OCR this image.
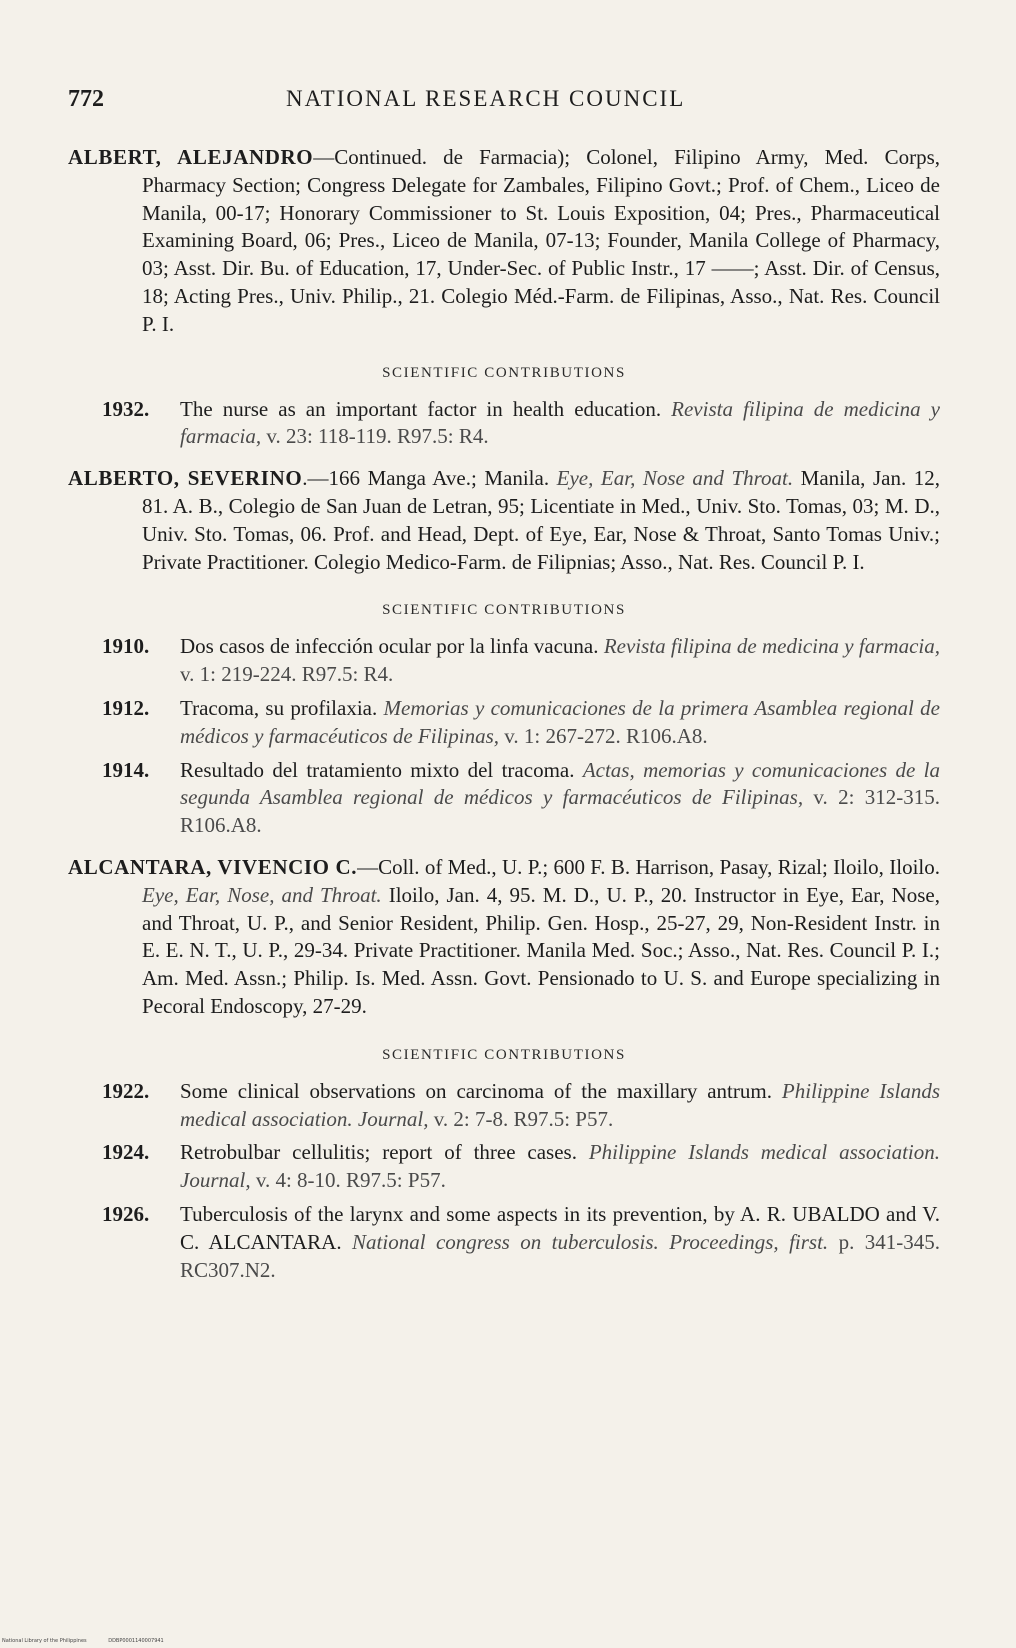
772	NATIONAL RESEARCH COUNCIL

ALBERT, ALEJANDRO—Continued. de Farmacia); Colonel, Filipino Army, Med. Corps, Pharmacy Section; Congress Delegate for Zambales, Filipino Govt.; Prof. of Chem., Liceo de Manila, 00-17; Honorary Commissioner to St. Louis Exposition, 04; Pres., Pharmaceutical Examining Board, 06; Pres., Liceo de Manila, 07-13; Founder, Manila College of Pharmacy, 03; Asst. Dir. Bu. of Education, 17, Under-Sec. of Public Instr., 17 ——; Asst. Dir. of Census, 18; Acting Pres., Univ. Philip., 21. Colegio Méd.-Farm. de Filipinas, Asso., Nat. Res. Council P. I.

SCIENTIFIC CONTRIBUTIONS

1932. The nurse as an important factor in health education. Revista filipina de medicina y farmacia, v. 23: 118-119. R97.5: R4.

ALBERTO, SEVERINO.—166 Manga Ave.; Manila. Eye, Ear, Nose and Throat. Manila, Jan. 12, 81. A. B., Colegio de San Juan de Letran, 95; Licentiate in Med., Univ. Sto. Tomas, 03; M. D., Univ. Sto. Tomas, 06. Prof. and Head, Dept. of Eye, Ear, Nose & Throat, Santo Tomas Univ.; Private Practitioner. Colegio Medico-Farm. de Filipnias; Asso., Nat. Res. Council P. I.

SCIENTIFIC CONTRIBUTIONS

1910. Dos casos de infección ocular por la linfa vacuna. Revista filipina de medicina y farmacia, v. 1: 219-224. R97.5: R4.

1912. Tracoma, su profilaxia. Memorias y comunicaciones de la primera Asamblea regional de médicos y farmacéuticos de Filipinas, v. 1: 267-272. R106.A8.

1914. Resultado del tratamiento mixto del tracoma. Actas, memorias y comunicaciones de la segunda Asamblea regional de médicos y farmacéuticos de Filipinas, v. 2: 312-315. R106.A8.

ALCANTARA, VIVENCIO C.—Coll. of Med., U. P.; 600 F. B. Harrison, Pasay, Rizal; Iloilo, Iloilo. Eye, Ear, Nose, and Throat. Iloilo, Jan. 4, 95. M. D., U. P., 20. Instructor in Eye, Ear, Nose, and Throat, U. P., and Senior Resident, Philip. Gen. Hosp., 25-27, 29, Non-Resident Instr. in E. E. N. T., U. P., 29-34. Private Practitioner. Manila Med. Soc.; Asso., Nat. Res. Council P. I.; Am. Med. Assn.; Philip. Is. Med. Assn. Govt. Pensionado to U. S. and Europe specializing in Pecoral Endoscopy, 27-29.

SCIENTIFIC CONTRIBUTIONS

1922. Some clinical observations on carcinoma of the maxillary antrum. Philippine Islands medical association. Journal, v. 2: 7-8. R97.5: P57.

1924. Retrobulbar cellulitis; report of three cases. Philippine Islands medical association. Journal, v. 4: 8-10. R97.5: P57.

1926. Tuberculosis of the larynx and some aspects in its prevention, by A. R. UBALDO and V. C. ALCANTARA. National congress on tuberculosis. Proceedings, first. p. 341-345. RC307.N2.

National Library of the Philippines	DDBP0001140007941
